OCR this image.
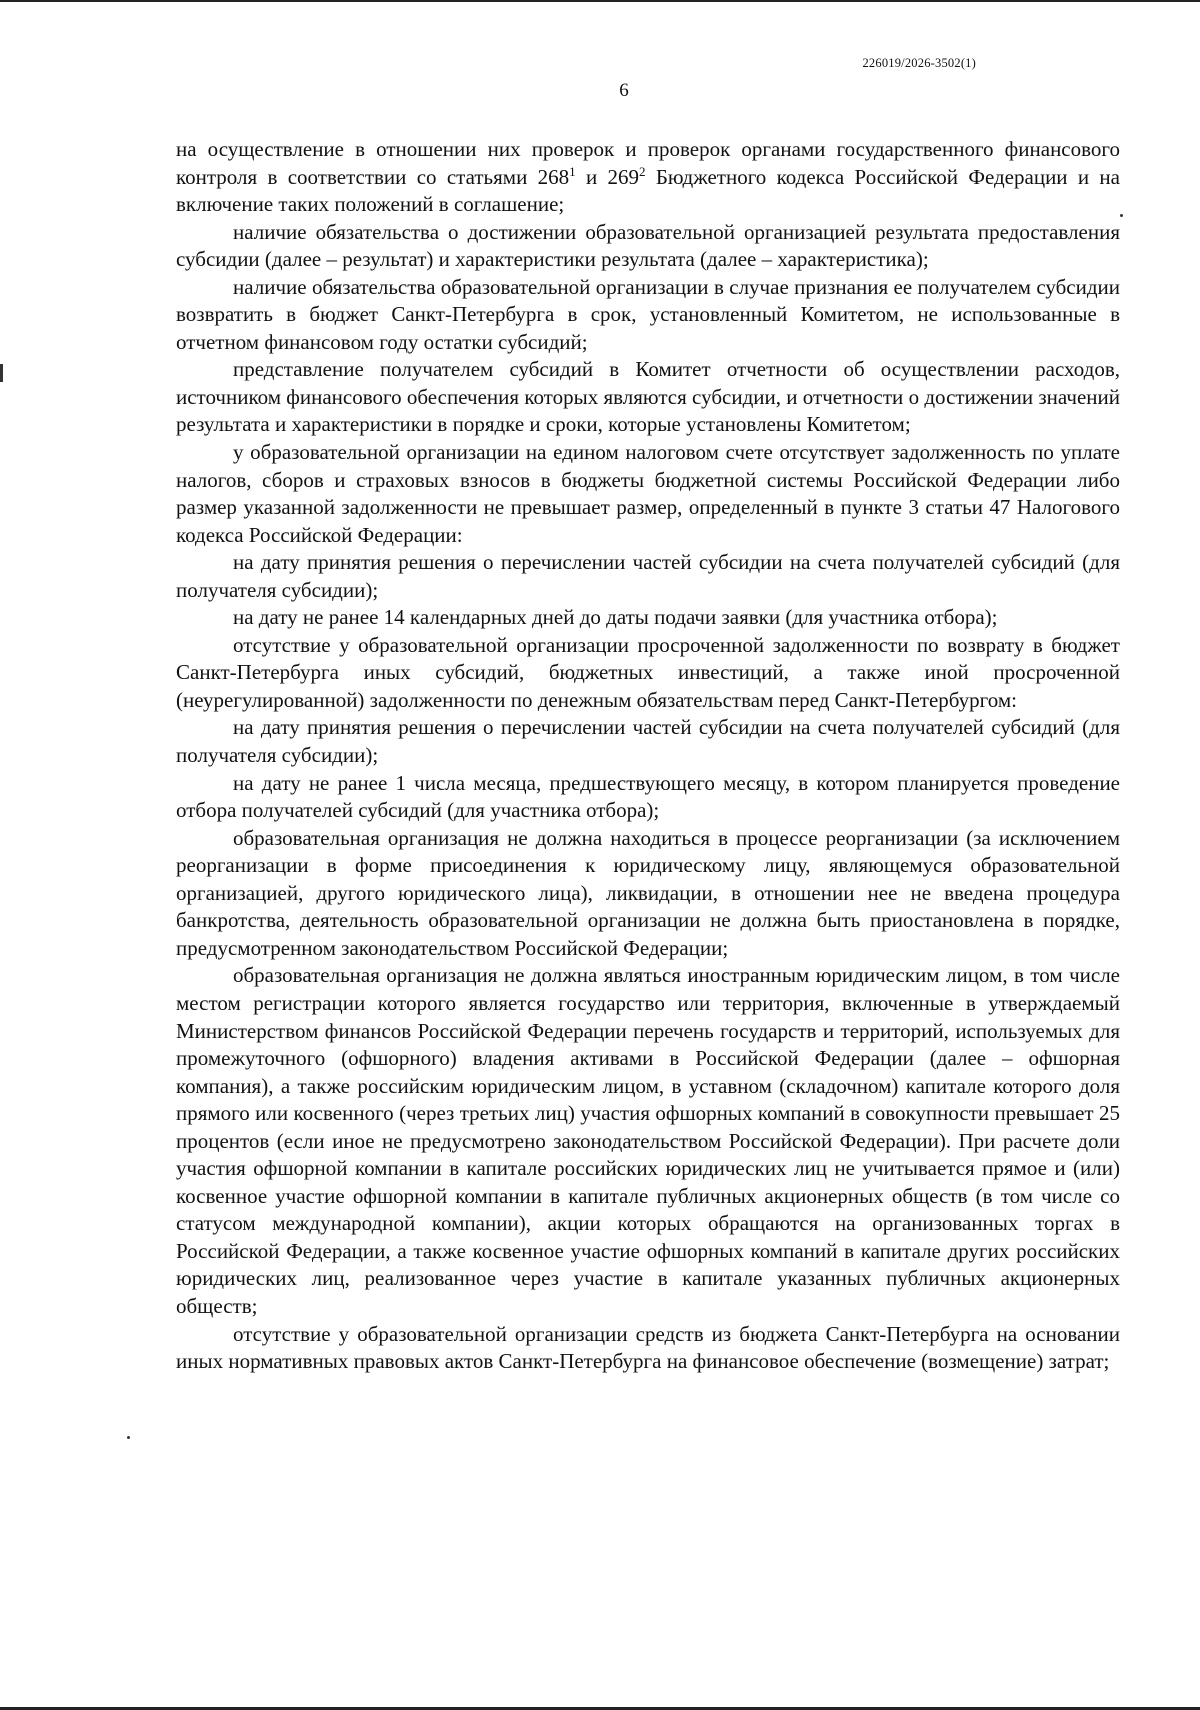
226019/2026-3502(1)
6

на осуществление в отношении них проверок и проверок органами государственного финансового контроля в соответствии со статьями $268^1$ и $269^2$ Бюджетного кодекса Российской Федерации и на включение таких положений в соглашение;

наличие обязательства о достижении образовательной организацией результата предоставления субсидии (далее – результат) и характеристики результата (далее – характеристика);

наличие обязательства образовательной организации в случае признания ее получателем субсидии возвратить в бюджет Санкт-Петербурга в срок, установленный Комитетом, не использованные в отчетном финансовом году остатки субсидий;

представление получателем субсидий в Комитет отчетности об осуществлении расходов, источником финансового обеспечения которых являются субсидии, и отчетности о достижении значений результата и характеристики в порядке и сроки, которые установлены Комитетом;

у образовательной организации на едином налоговом счете отсутствует задолженность по уплате налогов, сборов и страховых взносов в бюджеты бюджетной системы Российской Федерации либо размер указанной задолженности не превышает размер, определенный в пункте 3 статьи 47 Налогового кодекса Российской Федерации:

на дату принятия решения о перечислении частей субсидии на счета получателей субсидий (для получателя субсидии);

на дату не ранее 14 календарных дней до даты подачи заявки (для участника отбора);

отсутствие у образовательной организации просроченной задолженности по возврату в бюджет Санкт-Петербурга иных субсидий, бюджетных инвестиций, а также иной просроченной (неурегулированной) задолженности по денежным обязательствам перед Санкт-Петербургом:

на дату принятия решения о перечислении частей субсидии на счета получателей субсидий (для получателя субсидии);

на дату не ранее 1 числа месяца, предшествующего месяцу, в котором планируется проведение отбора получателей субсидий (для участника отбора);

образовательная организация не должна находиться в процессе реорганизации (за исключением реорганизации в форме присоединения к юридическому лицу, являющемуся образовательной организацией, другого юридического лица), ликвидации, в отношении нее не введена процедура банкротства, деятельность образовательной организации не должна быть приостановлена в порядке, предусмотренном законодательством Российской Федерации;

образовательная организация не должна являться иностранным юридическим лицом, в том числе местом регистрации которого является государство или территория, включенные в утверждаемый Министерством финансов Российской Федерации перечень государств и территорий, используемых для промежуточного (офшорного) владения активами в Российской Федерации (далее – офшорная компания), а также российским юридическим лицом, в уставном (складочном) капитале которого доля прямого или косвенного (через третьих лиц) участия офшорных компаний в совокупности превышает 25 процентов (если иное не предусмотрено законодательством Российской Федерации). При расчете доли участия офшорной компании в капитале российских юридических лиц не учитывается прямое и (или) косвенное участие офшорной компании в капитале публичных акционерных обществ (в том числе со статусом международной компании), акции которых обращаются на организованных торгах в Российской Федерации, а также косвенное участие офшорных компаний в капитале других российских юридических лиц, реализованное через участие в капитале указанных публичных акционерных обществ;

отсутствие у образовательной организации средств из бюджета Санкт-Петербурга на основании иных нормативных правовых актов Санкт-Петербурга на финансовое обеспечение (возмещение) затрат;
